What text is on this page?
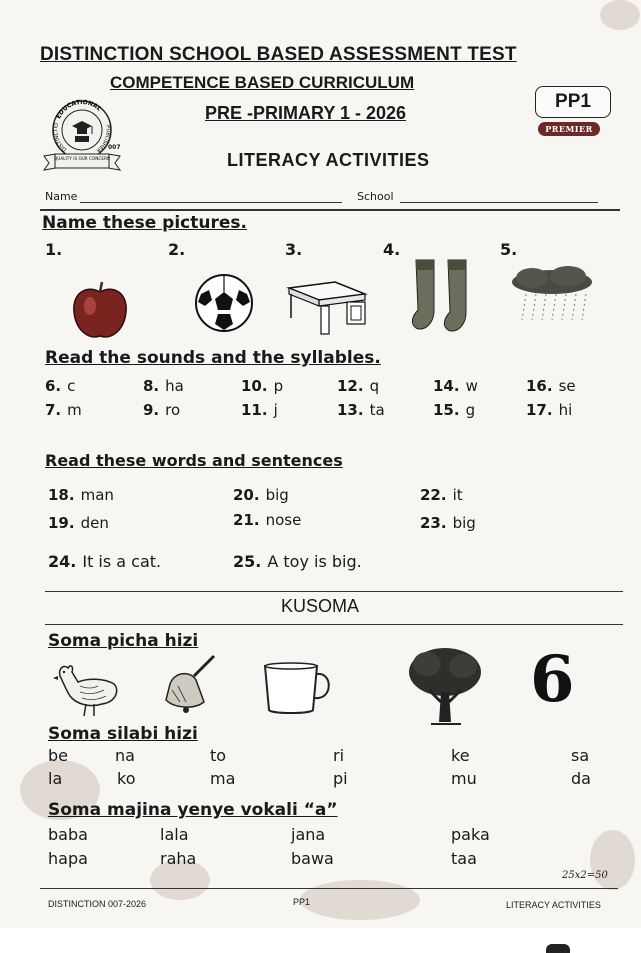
DISTINCTION SCHOOL BASED ASSESSMENT TEST
COMPETENCE BASED CURRICULUM
PRE -PRIMARY 1 - 2026
LITERACY ACTIVITIES
PP1
PREMIER
EDUCATIONAL
DISTINCTIO	PUBLISHER
QUALITY IS OUR CONCERN
007
Name	School
Name these pictures.
1.	2.	3.	4.	5.
Read the sounds and the syllables.
6. c	8. ha	10. p	12. q	14. w	16. se
7. m	9. ro	11. j	13. ta	15. g	17. hi
Read these words and sentences
18. man	20. big	22. it
19. den	21. nose	23. big
24. It is a cat.	25. A toy is big.
KUSOMA
Soma picha hizi
6
Soma silabi hizi
be	na	to	ri	ke	sa
la	ko	ma	pi	mu	da
Soma majina yenye vokali “a”
baba	lala	jana	paka
hapa	raha	bawa	taa
25x2=50
DISTINCTION 007-2026	PP1	LITERACY ACTIVITIES
